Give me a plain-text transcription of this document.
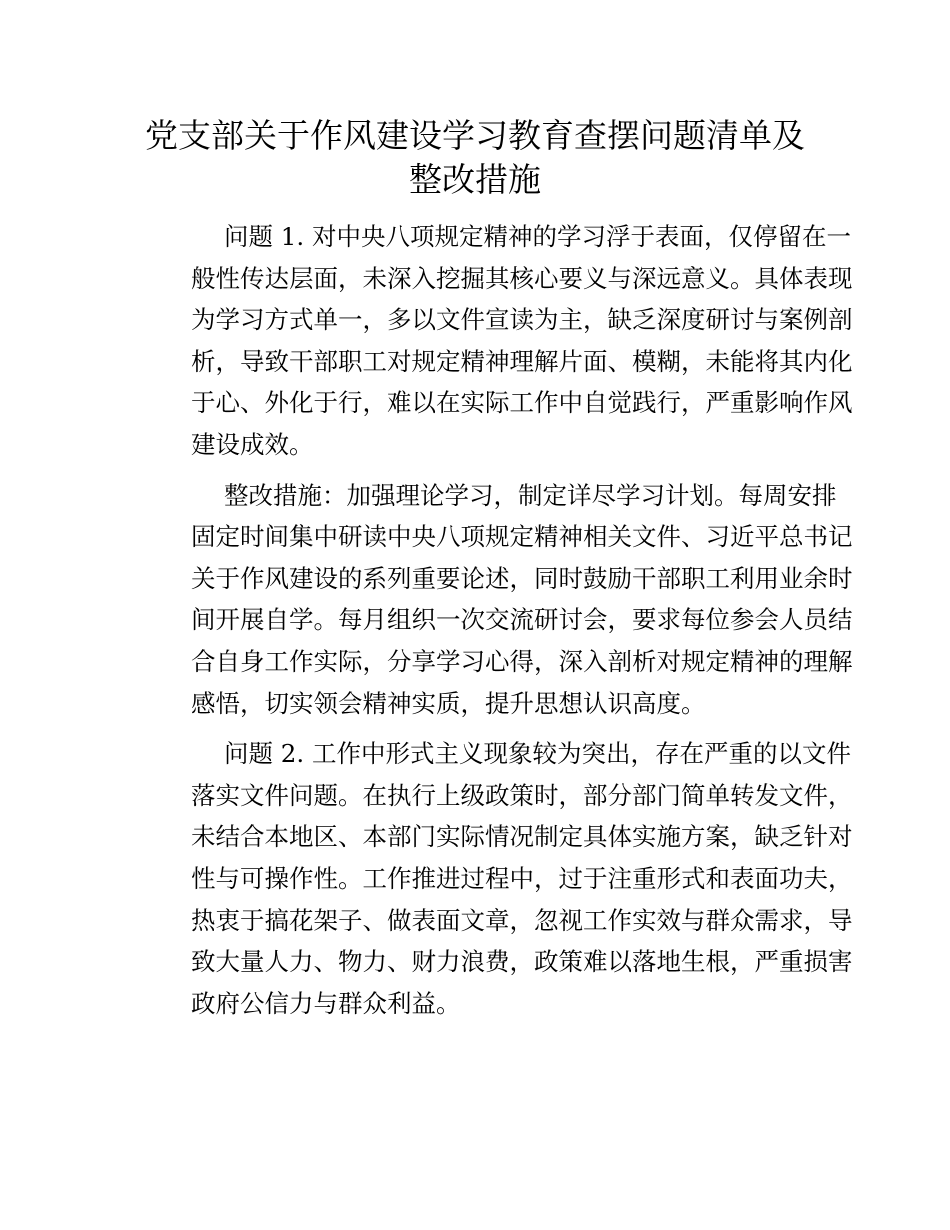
党支部关于作风建设学习教育查摆问题清单及
整改措施
问题 1. 对中央八项规定精神的学习浮于表面，仅停留在一
般性传达层面，未深入挖掘其核心要义与深远意义。具体表现
为学习方式单一，多以文件宣读为主，缺乏深度研讨与案例剖
析，导致干部职工对规定精神理解片面、模糊，未能将其内化
于心、外化于行，难以在实际工作中自觉践行，严重影响作风
建设成效。
整改措施：加强理论学习，制定详尽学习计划。每周安排
固定时间集中研读中央八项规定精神相关文件、习近平总书记
关于作风建设的系列重要论述，同时鼓励干部职工利用业余时
间开展自学。每月组织一次交流研讨会，要求每位参会人员结
合自身工作实际，分享学习心得，深入剖析对规定精神的理解
感悟，切实领会精神实质，提升思想认识高度。
问题 2. 工作中形式主义现象较为突出，存在严重的以文件
落实文件问题。在执行上级政策时，部分部门简单转发文件，
未结合本地区、本部门实际情况制定具体实施方案，缺乏针对
性与可操作性。工作推进过程中，过于注重形式和表面功夫，
热衷于搞花架子、做表面文章，忽视工作实效与群众需求，导
致大量人力、物力、财力浪费，政策难以落地生根，严重损害
政府公信力与群众利益。
